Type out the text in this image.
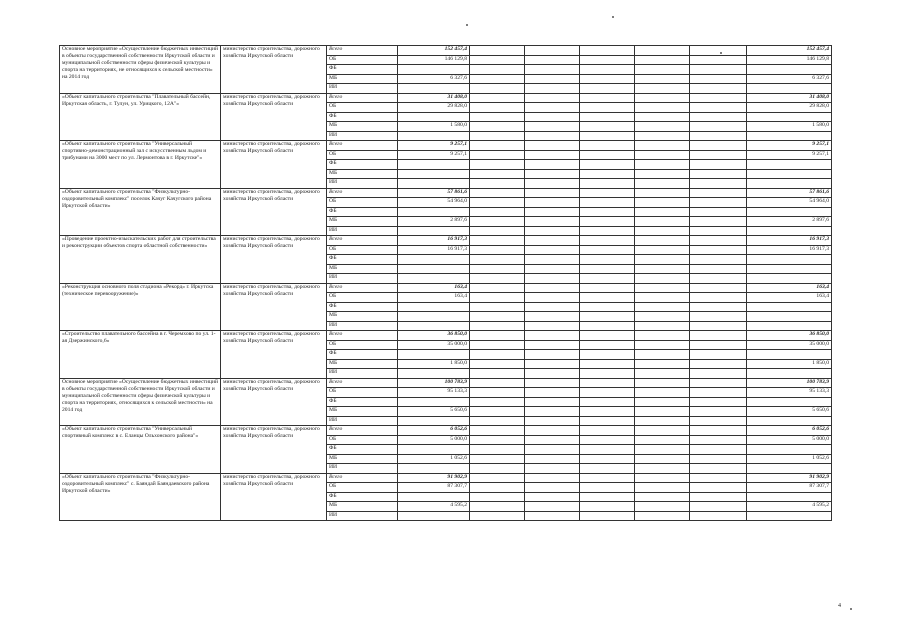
Основное мероприятие «Осуществление бюджетных инвестиций в объекты государственной собственности Иркутской области и муниципальной собственности сферы физической культуры и спорта на территориях, не относящихся к сельской местности» на 2014 год	министерство строительства, дорожного хозяйства Иркутской области	Всего	152 457,4						152 457,4
		ОБ	146 129,8						146 129,8
		ФБ							
		МБ	6 327,6						6 327,6
		ИИ							
«Объект капитального строительства "Плавательный бассейн, Иркутская область, г. Тулун, ул. Урицкого, 12А"»	министерство строительства, дорожного хозяйства Иркутской области	Всего	31 408,0						31 408,0
		ОБ	29 828,0						29 828,0
		ФБ							
		МБ	1 580,0						1 580,0
		ИИ							
«Объект капитального строительства "Универсальный спортивно-демонстрационный зал с искусственным льдом и трибунами на 3000 мест по ул. Лермонтова в г. Иркутске"»	министерство строительства, дорожного хозяйства Иркутской области	Всего	9 257,1						9 257,1
		ОБ	9 257,1						9 257,1
		ФБ							
		МБ							
		ИИ							
«Объект капитального строительства "Физкультурно-оздоровительный комплекс" поселок Качуг Качугского района Иркутской области»	министерство строительства, дорожного хозяйства Иркутской области	Всего	57 861,6						57 861,6
		ОБ	54 964,0						54 964,0
		ФБ							
		МБ	2 897,6						2 897,6
		ИИ							
«Проведение проектно-изыскательских работ для строительства и реконструкции объектов спорта областной собственности»	министерство строительства, дорожного хозяйства Иркутской области	Всего	16 917,3						16 917,3
		ОБ	16 917,3						16 917,3
		ФБ							
		МБ							
		ИИ							
«Реконструкция основного поля стадиона «Рекорд» г. Иркутска (техническое перевооружение)»	министерство строительства, дорожного хозяйства Иркутской области	Всего	163,4						163,4
		ОБ	163,4						163,4
		ФБ							
		МБ							
		ИИ							
«Строительство плавательного бассейна в г. Черемхово по ул. 1-ая Дзержинского,6»	министерство строительства, дорожного хозяйства Иркутской области	Всего	36 850,0						36 850,0
		ОБ	35 000,0						35 000,0
		ФБ							
		МБ	1 850,0						1 850,0
		ИИ							
Основное мероприятие «Осуществление бюджетных инвестиций в объекты государственной собственности Иркутской области и муниципальной собственности сферы физической культуры и спорта на территориях, относящихся к сельской местности» на 2014 год	министерство строительства, дорожного хозяйства Иркутской области	Всего	100 783,9						100 783,9
		ОБ	95 133,3						95 133,3
		ФБ							
		МБ	5 650,6						5 650,6
		ИИ							
«Объект капитального строительства "Универсальный спортивный комплекс в с. Еланцы Ольхонского района"»	министерство строительства, дорожного хозяйства Иркутской области	Всего	6 052,6						6 052,6
		ОБ	5 000,0						5 000,0
		ФБ							
		МБ	1 052,6						1 052,6
		ИИ							
«Объект капитального строительства "Физкультурно-оздоровительный комплекс" с. Баяндай Баяндаевского района Иркутской области»	министерство строительства, дорожного хозяйства Иркутской области	Всего	91 902,9						91 902,9
		ОБ	87 307,7						87 307,7
		ФБ							
		МБ	4 595,2						4 595,2
		ИИ							
4
